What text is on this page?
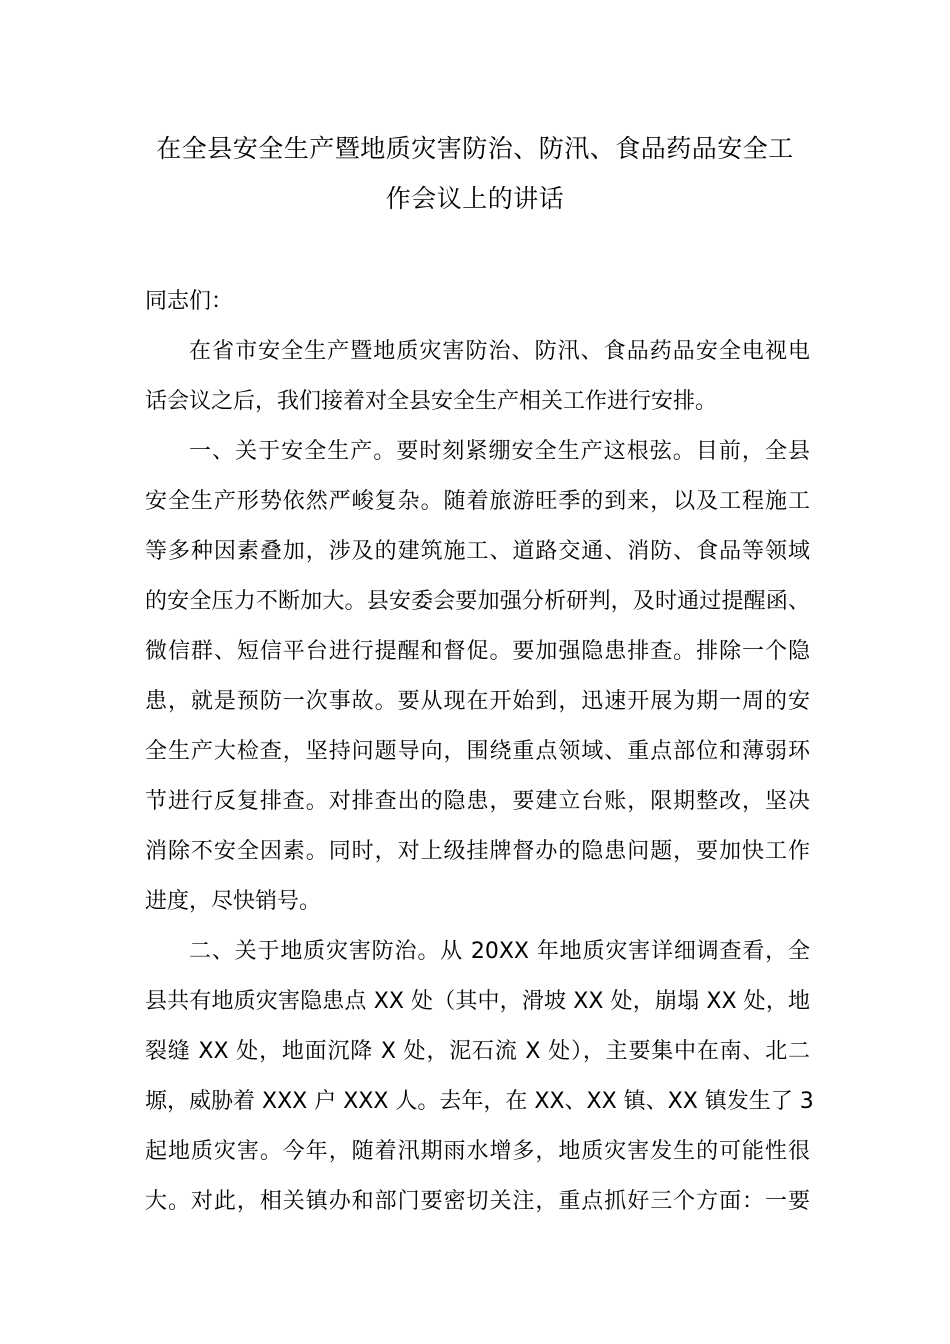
在全县安全生产暨地质灾害防治、防汛、食品药品安全工
作会议上的讲话

同志们：

在省市安全生产暨地质灾害防治、防汛、食品药品安全电视电

话会议之后，我们接着对全县安全生产相关工作进行安排。

一、关于安全生产。要时刻紧绷安全生产这根弦。目前，全县

安全生产形势依然严峻复杂。随着旅游旺季的到来，以及工程施工

等多种因素叠加，涉及的建筑施工、道路交通、消防、食品等领域

的安全压力不断加大。县安委会要加强分析研判，及时通过提醒函、

微信群、短信平台进行提醒和督促。要加强隐患排查。排除一个隐

患，就是预防一次事故。要从现在开始到，迅速开展为期一周的安

全生产大检查，坚持问题导向，围绕重点领域、重点部位和薄弱环

节进行反复排查。对排查出的隐患，要建立台账，限期整改，坚决

消除不安全因素。同时，对上级挂牌督办的隐患问题，要加快工作

进度，尽快销号。

二、关于地质灾害防治。从 20XX 年地质灾害详细调查看，全

县共有地质灾害隐患点 XX 处（其中，滑坡 XX 处，崩塌 XX 处，地

裂缝 XX 处，地面沉降 X 处，泥石流 X 处），主要集中在南、北二

塬，威胁着 XXX 户 XXX 人。去年，在 XX、XX 镇、XX 镇发生了 3

起地质灾害。今年，随着汛期雨水增多，地质灾害发生的可能性很

大。对此，相关镇办和部门要密切关注，重点抓好三个方面：一要
